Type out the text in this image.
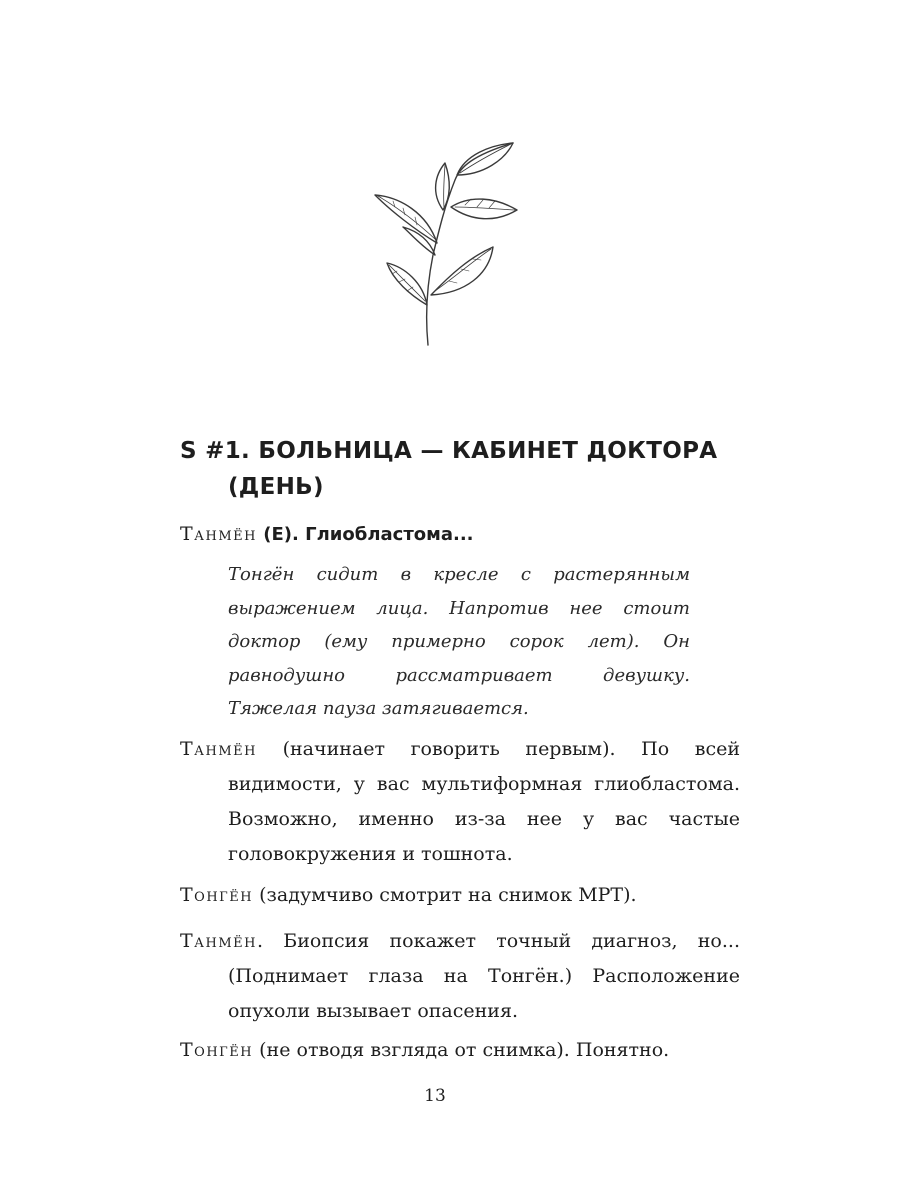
S #1. БОЛЬНИЦА — КАБИНЕТ ДОКТОРА (ДЕНЬ)

Танмён (Е). Глиобластома...

Тонгён сидит в кресле с растерянным выражением лица. Напротив нее стоит доктор (ему примерно сорок лет). Он равнодушно рассматривает девушку. Тяжелая пауза затягивается.

Танмён (начинает говорить первым). По всей видимости, у вас мультиформная глиобластома. Возможно, именно из-за нее у вас частые головокружения и тошнота.

Тонгён (задумчиво смотрит на снимок МРТ).

Танмён. Биопсия покажет точный диагноз, но... (Поднимает глаза на Тонгён.) Расположение опухоли вызывает опасения.

Тонгён (не отводя взгляда от снимка). Понятно.

13
